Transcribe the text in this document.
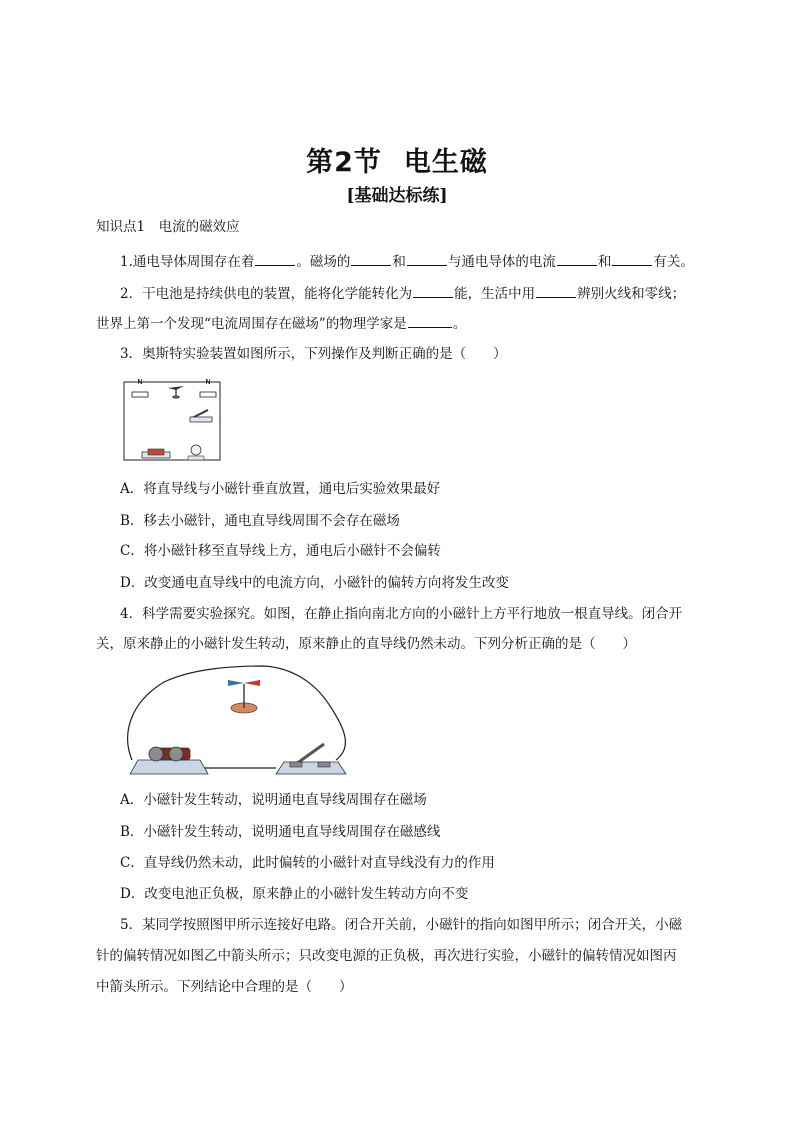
第2节 电生磁
[基础达标练]
知识点1　电流的磁效应
1.通电导体周围存在着	。磁场的	和	与通电导体的电流	和	有关。
2．干电池是持续供电的装置，能将化学能转化为	能，生活中用	辨别火线和零线；
世界上第一个发现“电流周围存在磁场”的物理学家是	。
3．奥斯特实验装置如图所示，下列操作及判断正确的是（　　）
N	N
A．将直导线与小磁针垂直放置，通电后实验效果最好
B．移去小磁针，通电直导线周围不会存在磁场
C．将小磁针移至直导线上方，通电后小磁针不会偏转
D．改变通电直导线中的电流方向，小磁针的偏转方向将发生改变
4．科学需要实验探究。如图，在静止指向南北方向的小磁针上方平行地放一根直导线。闭合开
关，原来静止的小磁针发生转动，原来静止的直导线仍然未动。下列分析正确的是（　　）
A．小磁针发生转动，说明通电直导线周围存在磁场
B．小磁针发生转动，说明通电直导线周围存在磁感线
C．直导线仍然未动，此时偏转的小磁针对直导线没有力的作用
D．改变电池正负极，原来静止的小磁针发生转动方向不变
5．某同学按照图甲所示连接好电路。闭合开关前，小磁针的指向如图甲所示；闭合开关，小磁
针的偏转情况如图乙中箭头所示；只改变电源的正负极，再次进行实验，小磁针的偏转情况如图丙
中箭头所示。下列结论中合理的是（　　）
